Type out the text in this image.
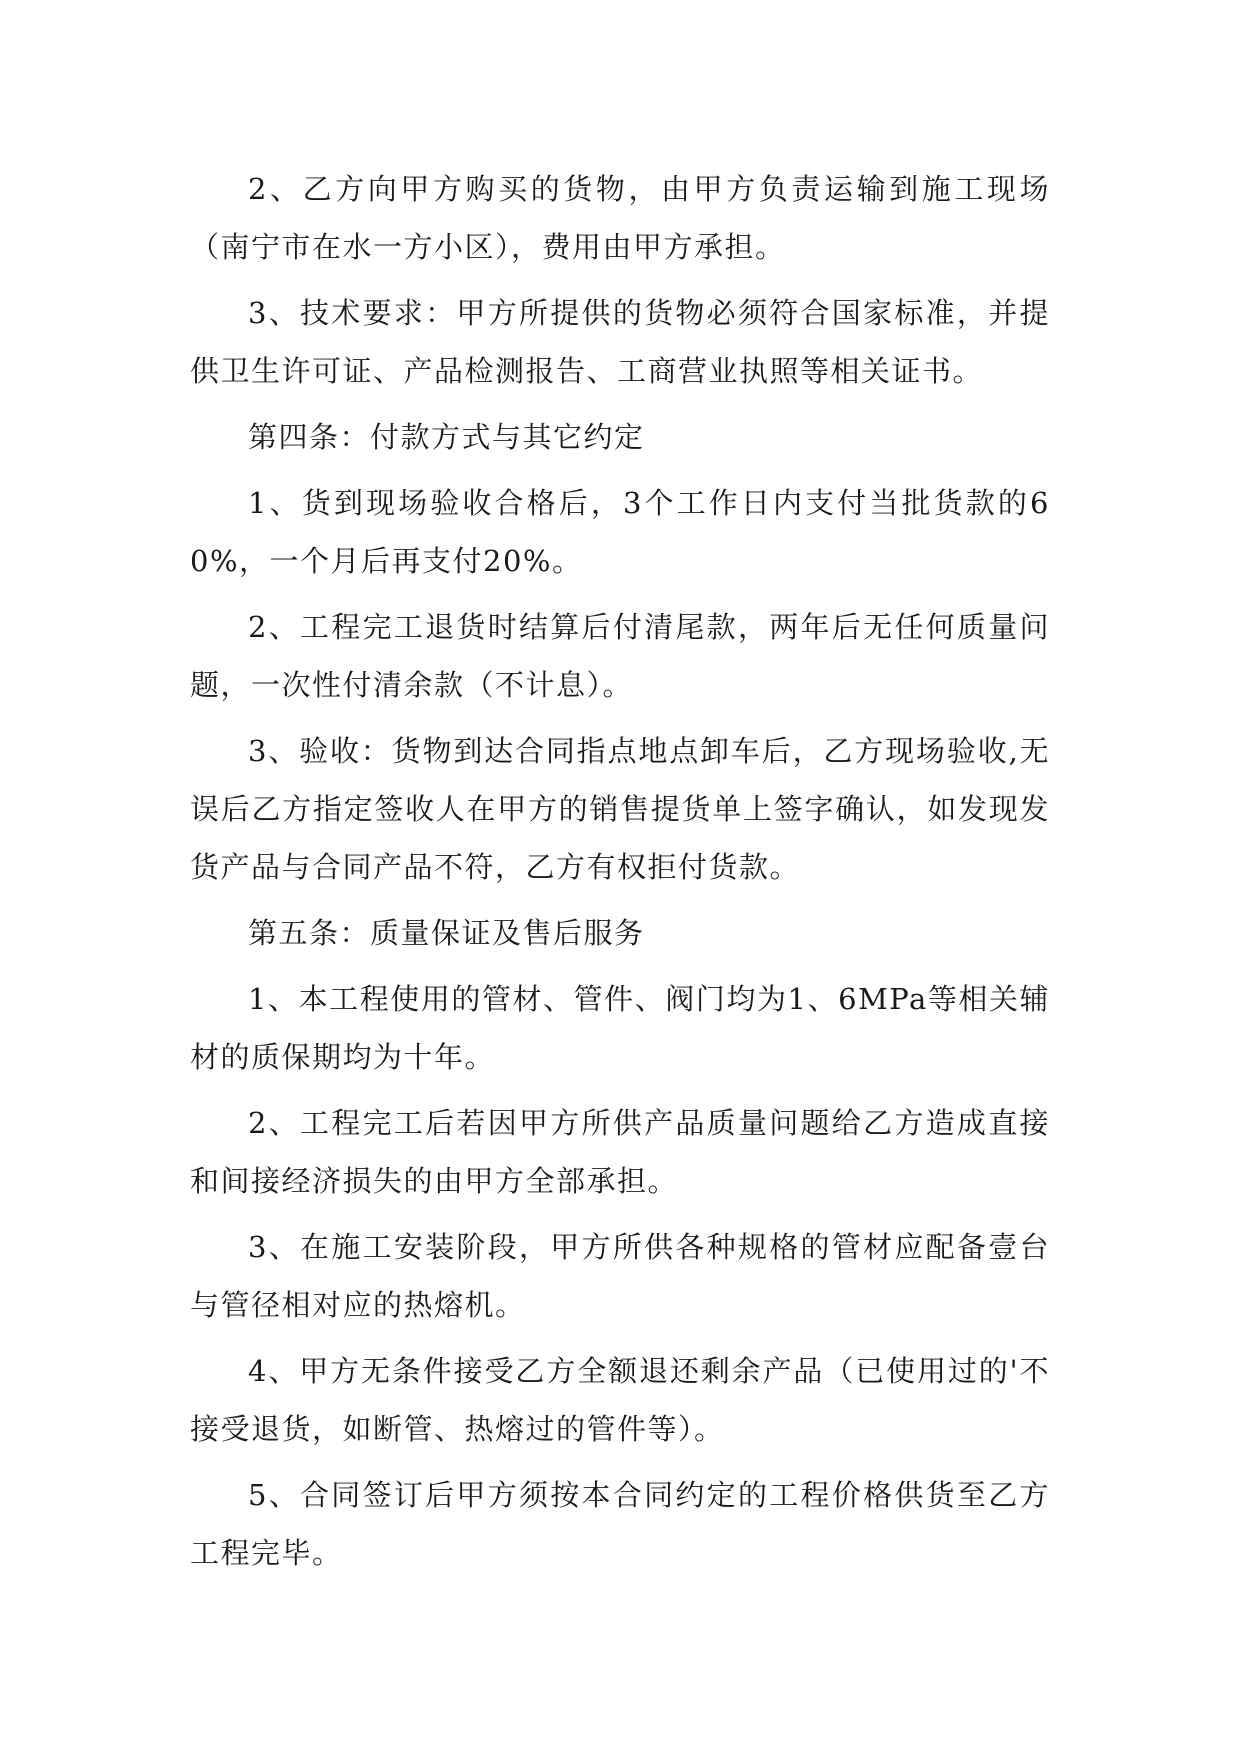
2、乙方向甲方购买的货物，由甲方负责运输到施工现场（南宁市在水一方小区），费用由甲方承担。

3、技术要求：甲方所提供的货物必须符合国家标准，并提供卫生许可证、产品检测报告、工商营业执照等相关证书。

第四条：付款方式与其它约定

1、货到现场验收合格后，3个工作日内支付当批货款的60%，一个月后再支付20%。

2、工程完工退货时结算后付清尾款，两年后无任何质量问题，一次性付清余款（不计息）。

3、验收：货物到达合同指点地点卸车后，乙方现场验收,无误后乙方指定签收人在甲方的销售提货单上签字确认，如发现发货产品与合同产品不符，乙方有权拒付货款。

第五条：质量保证及售后服务

1、本工程使用的管材、管件、阀门均为1、6MPa等相关辅材的质保期均为十年。

2、工程完工后若因甲方所供产品质量问题给乙方造成直接和间接经济损失的由甲方全部承担。

3、在施工安装阶段，甲方所供各种规格的管材应配备壹台与管径相对应的热熔机。

4、甲方无条件接受乙方全额退还剩余产品（已使用过的'不接受退货，如断管、热熔过的管件等）。

5、合同签订后甲方须按本合同约定的工程价格供货至乙方工程完毕。
